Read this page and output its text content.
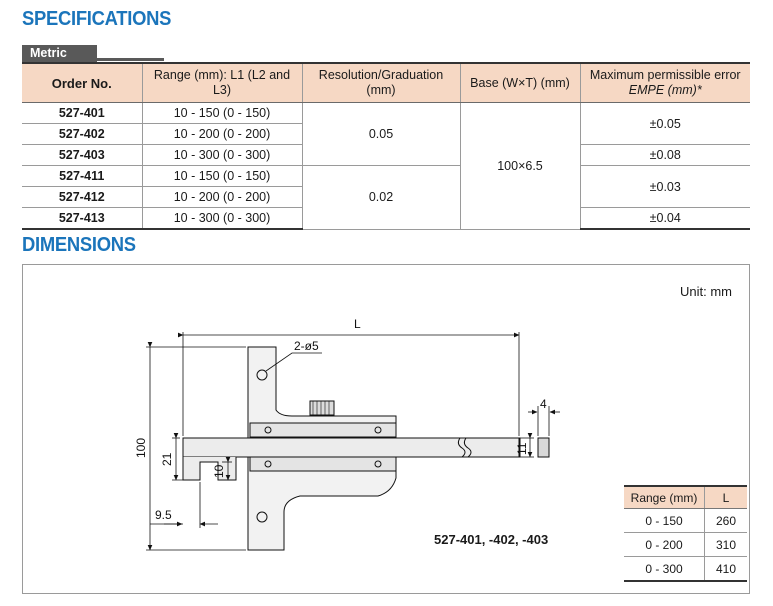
SPECIFICATIONS
Metric
Order No.	Range (mm): L1 (L2 and L3)	Resolution/Graduation (mm)	Base (W×T) (mm)	Maximum permissible error
EMPE (mm)*
527-401	10 - 150 (0 - 150)	0.05	100×6.5	±0.05
527-402	10 - 200 (0 - 200)			
527-403	10 - 300 (0 - 300)			±0.08
527-411	10 - 150 (0 - 150)	0.02		±0.03
527-412	10 - 200 (0 - 200)			
527-413	10 - 300 (0 - 300)			±0.04
DIMENSIONS
Unit: mm
L
2-ø5
4
11
100
21
10
9.5
527-401, -402, -403
Range (mm)	L
0 - 150	260
0 - 200	310
0 - 300	410
